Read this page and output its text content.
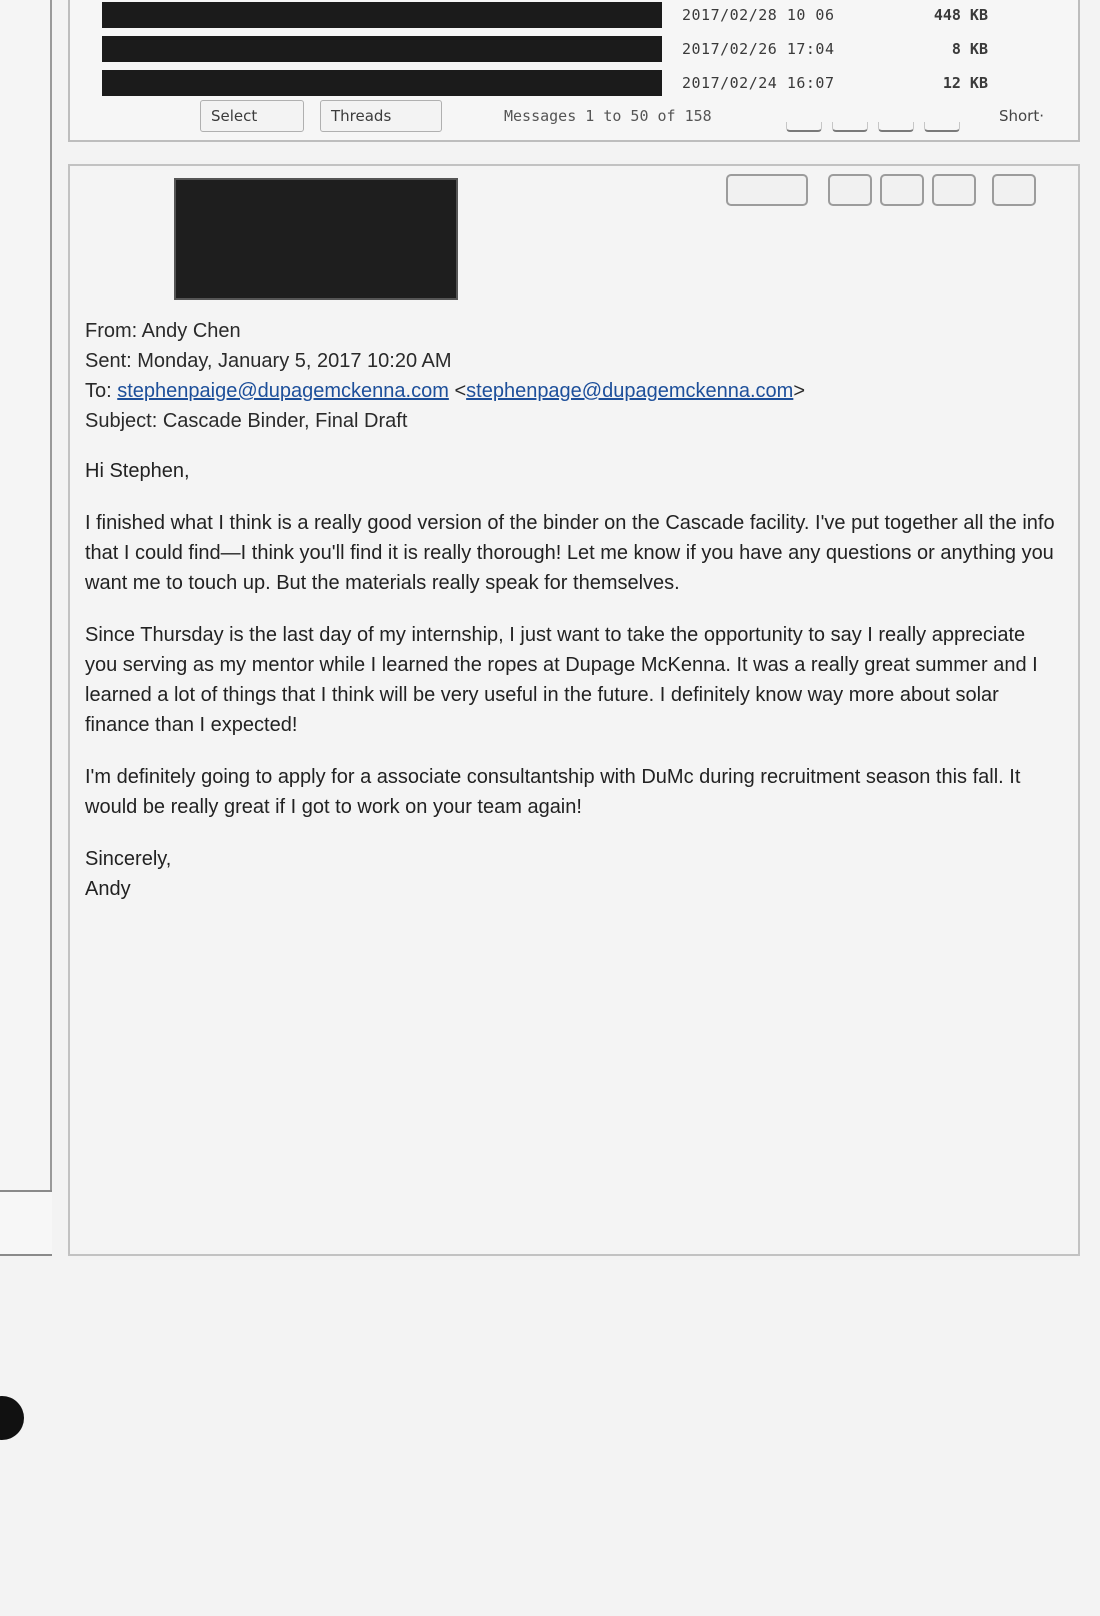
2017/02/28 10 06	448 KB
2017/02/26 17:04	8 KB
2017/02/24 16:07	12 KB
Select	Threads	Messages 1 to 50 of 158	Short·
From: Andy Chen
Sent: Monday, January 5, 2017 10:20 AM
To: stephenpaige@dupagemckenna.com <stephenpage@dupagemckenna.com>
Subject: Cascade Binder, Final Draft

Hi Stephen,

I finished what I think is a really good version of the binder on the Cascade facility. I've put together all the info that I could find—I think you'll find it is really thorough! Let me know if you have any questions or anything you want me to touch up. But the materials really speak for themselves.

Since Thursday is the last day of my internship, I just want to take the opportunity to say I really appreciate you serving as my mentor while I learned the ropes at Dupage McKenna. It was a really great summer and I learned a lot of things that I think will be very useful in the future. I definitely know way more about solar finance than I expected!

I'm definitely going to apply for a associate consultantship with DuMc during recruitment season this fall. It would be really great if I got to work on your team again!

Sincerely,
Andy
